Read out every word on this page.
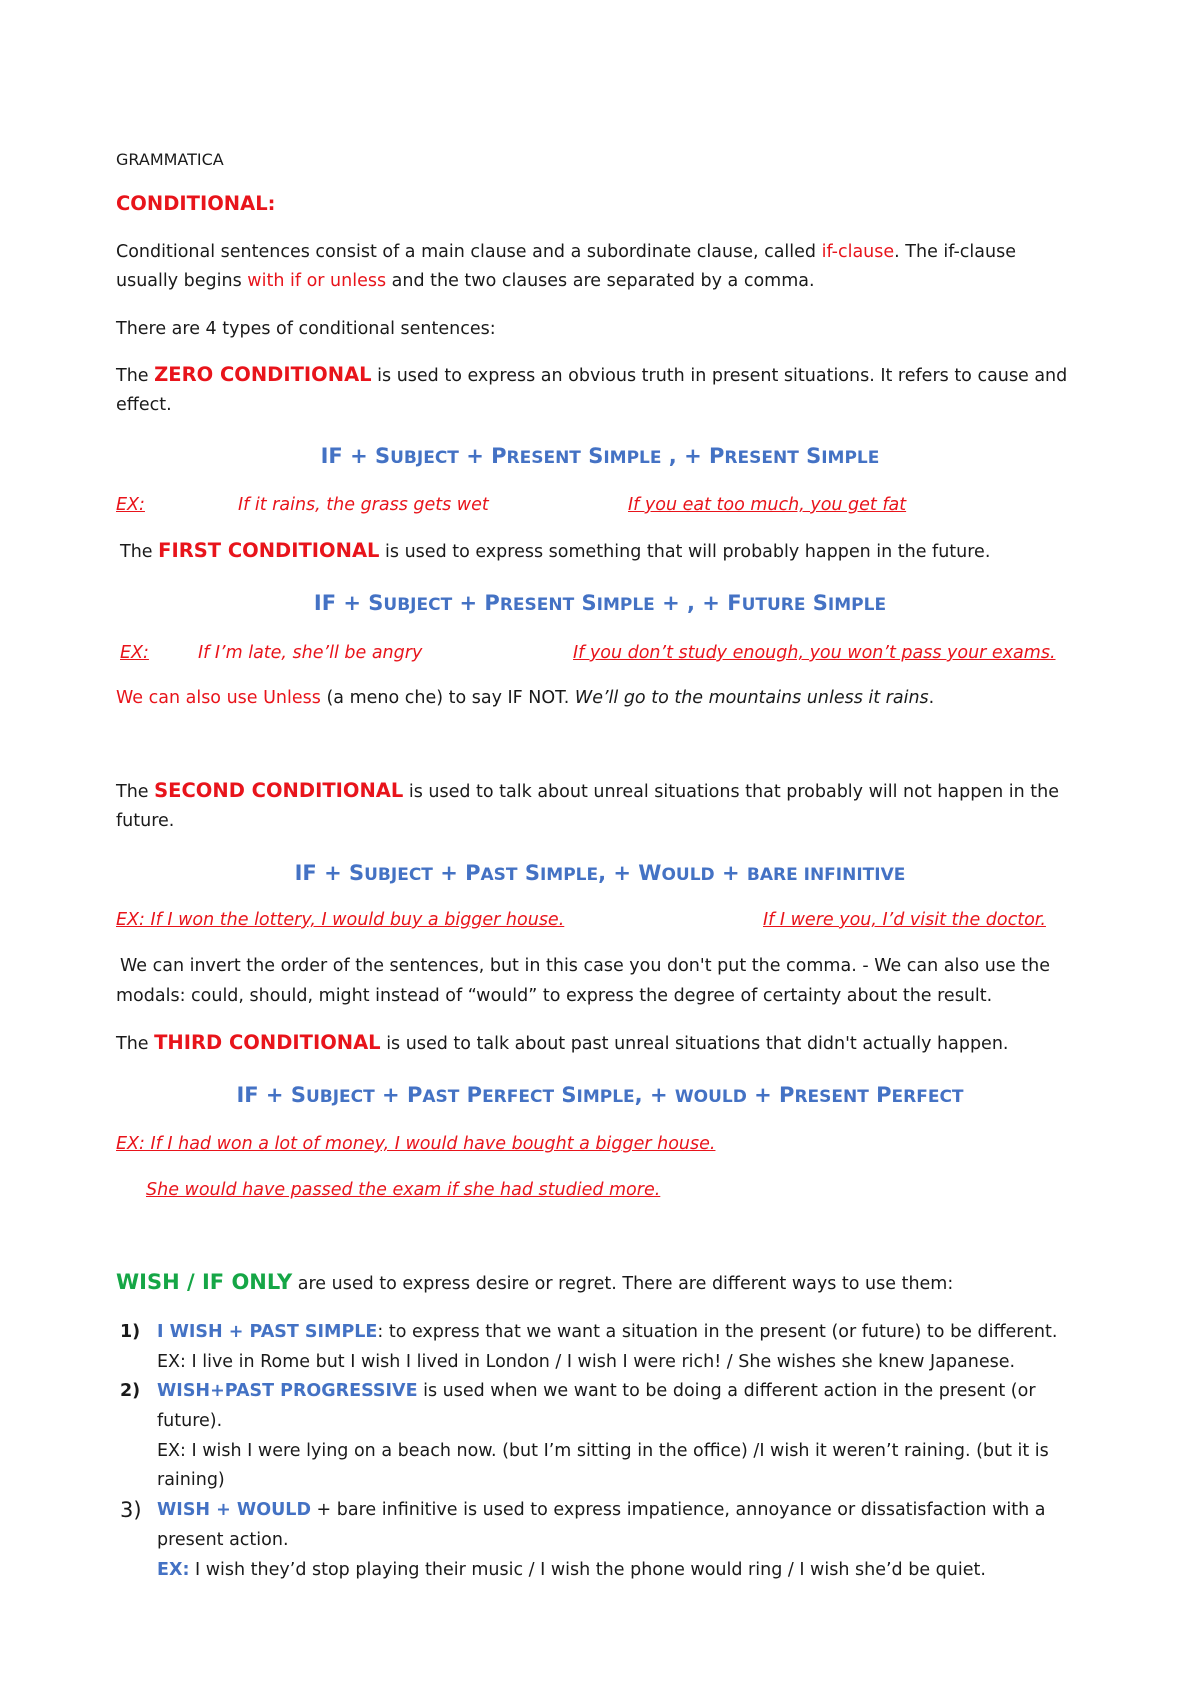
GRAMMATICA
CONDITIONAL:
Conditional sentences consist of a main clause and a subordinate clause, called if-clause. The if-clause
usually begins with if or unless and the two clauses are separated by a comma.
There are 4 types of conditional sentences:
The ZERO CONDITIONAL is used to express an obvious truth in present situations. It refers to cause and
effect.
IF + SUBJECT + PRESENT SIMPLE , + PRESENT SIMPLE
EX:	If it rains, the grass gets wet	If you eat too much, you get fat
The FIRST CONDITIONAL is used to express something that will probably happen in the future.
IF + SUBJECT + PRESENT SIMPLE + , + FUTURE SIMPLE
EX:	If I’m late, she’ll be angry	If you don’t study enough, you won’t pass your exams.
We can also use Unless (a meno che) to say IF NOT. We’ll go to the mountains unless it rains.
The SECOND CONDITIONAL is used to talk about unreal situations that probably will not happen in the
future.
IF + SUBJECT + PAST SIMPLE, + WOULD + BARE INFINITIVE
EX: If I won the lottery, I would buy a bigger house.	If I were you, I’d visit the doctor.
We can invert the order of the sentences, but in this case you don't put the comma. - We can also use the
modals: could, should, might instead of “would” to express the degree of certainty about the result.
The THIRD CONDITIONAL is used to talk about past unreal situations that didn't actually happen.
IF + SUBJECT + PAST PERFECT SIMPLE, + WOULD + PRESENT PERFECT
EX: If I had won a lot of money, I would have bought a bigger house.
She would have passed the exam if she had studied more.
WISH / IF ONLY are used to express desire or regret. There are different ways to use them:
1) I WISH + PAST SIMPLE: to express that we want a situation in the present (or future) to be different.
EX: I live in Rome but I wish I lived in London / I wish I were rich! / She wishes she knew Japanese.
2) WISH+PAST PROGRESSIVE is used when we want to be doing a different action in the present (or
future).
EX: I wish I were lying on a beach now. (but I’m sitting in the office) /I wish it weren’t raining. (but it is
raining)
3) WISH + WOULD + bare infinitive is used to express impatience, annoyance or dissatisfaction with a
present action.
EX: I wish they’d stop playing their music / I wish the phone would ring / I wish she’d be quiet.
